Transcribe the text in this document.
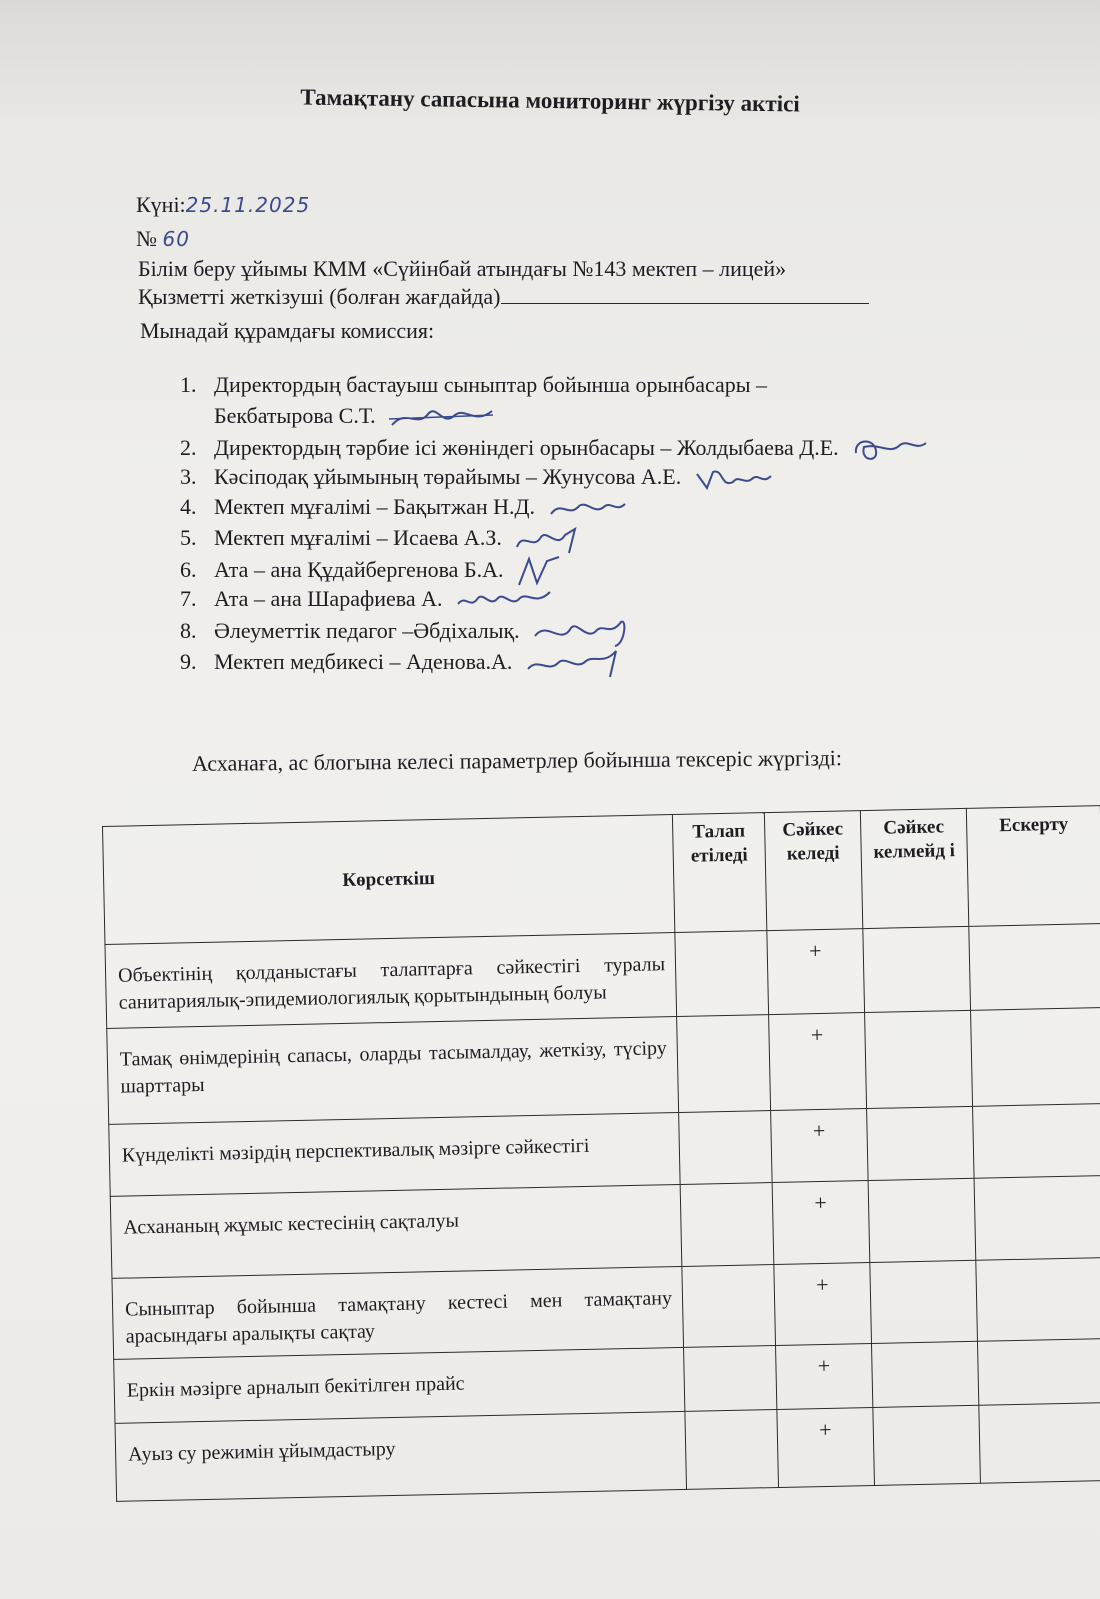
Тамақтану сапасына мониторинг жүргізу актісі
Күні:25.11.2025
№ 60
Білім беру ұйымы КММ «Сүйінбай атындағы №143 мектеп – лицей»
Қызметті жеткізуші (болған жағдайда)
Мынадай құрамдағы комиссия:
1. Директордың бастауыш сыныптар бойынша орынбасары –
Бекбатырова С.Т.
2. Директордың тәрбие ісі жөніндегі орынбасары – Жолдыбаева Д.Е.
3. Кәсіподақ ұйымының төрайымы – Жунусова А.Е.
4. Мектеп мұғалімі – Бақытжан Н.Д.
5. Мектеп мұғалімі – Исаева А.З.
6. Ата – ана Құдайбергенова Б.А.
7. Ата – ана Шарафиева А.
8. Әлеуметтік педагог –Әбдіхалық.
9. Мектеп медбикесі – Аденова.А.
Асханаға, ас блогына келесі параметрлер бойынша тексеріс жүргізді:
Көрсеткіш	Талап етіледі	Сәйкес келеді	Сәйкес келмейд і	Ескерту
Объектінің қолданыстағы талаптарға сәйкестігі туралы санитариялық-эпидемиологиялық қорытындының болуы		+		
Тамақ өнімдерінің сапасы, оларды тасымалдау, жеткізу, түсіру шарттары		+		
Күнделікті мәзірдің перспективалық мәзірге сәйкестігі		+		
Асхананың жұмыс кестесінің сақталуы		+		
Сыныптар бойынша тамақтану кестесі мен тамақтану арасындағы аралықты сақтау		+		
Еркін мәзірге арналып бекітілген прайс		+		
Ауыз су режимін ұйымдастыру		+		
